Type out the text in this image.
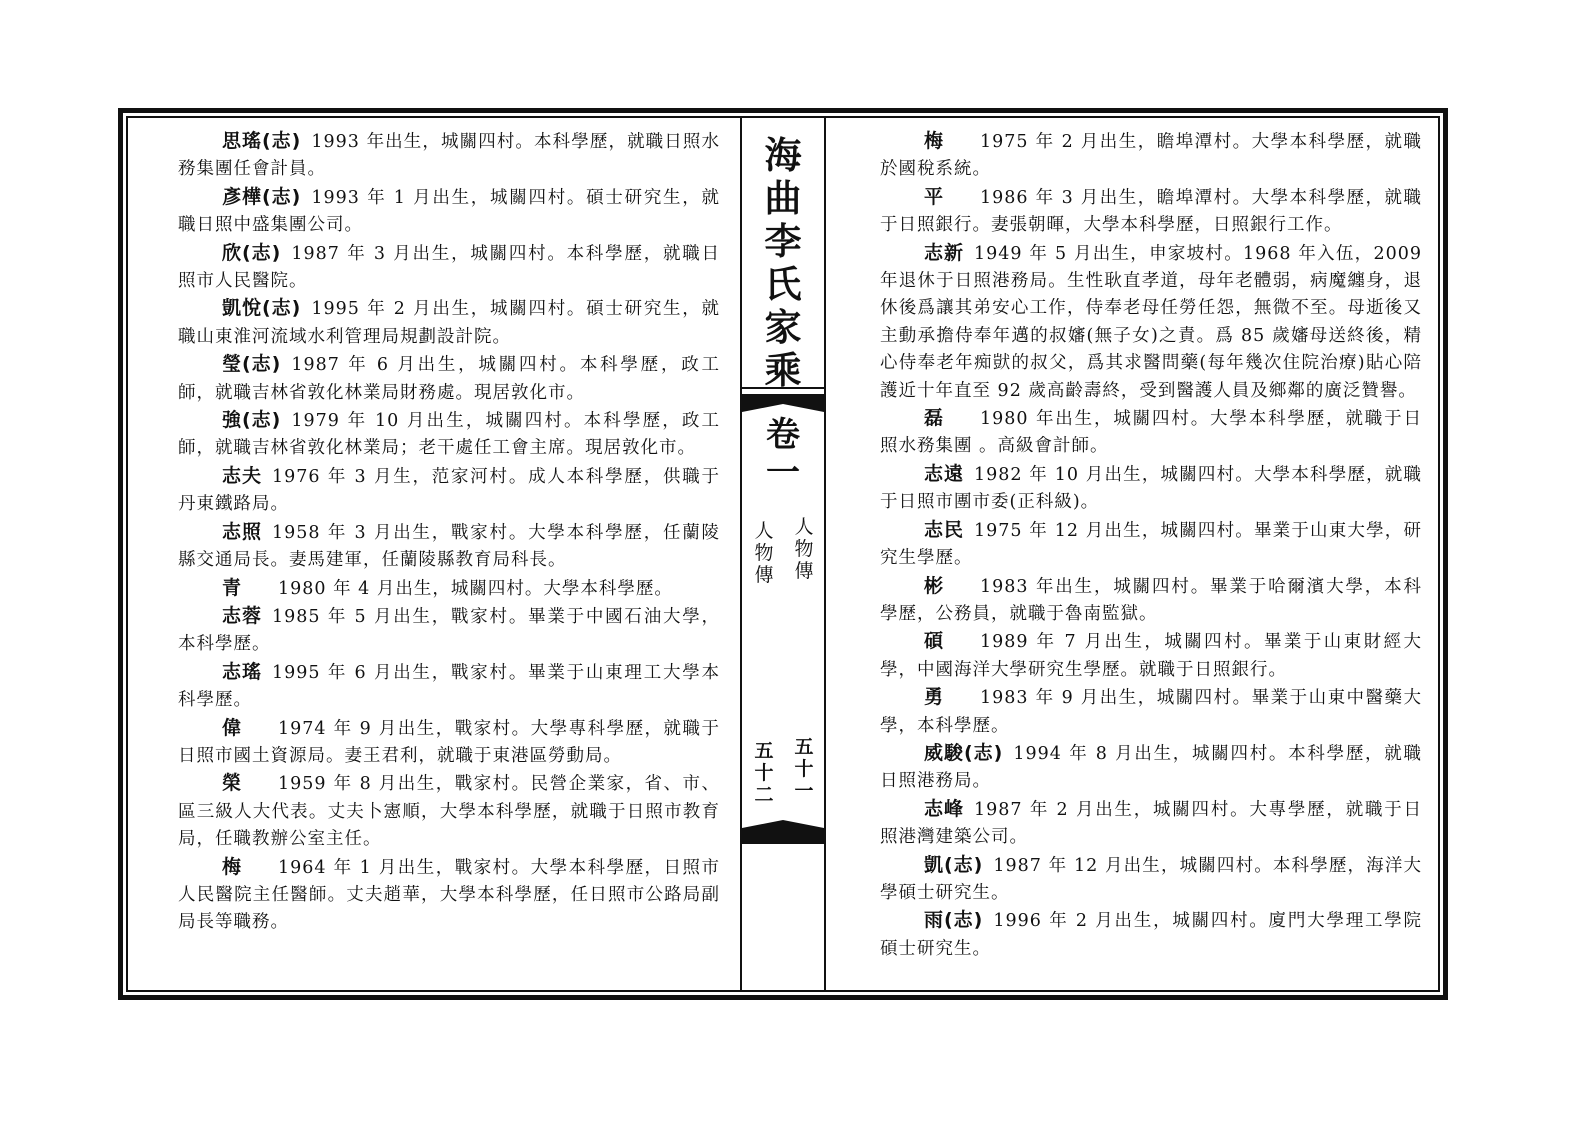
思瑤(志) 1993 年出生，城關四村。本科學歷，就職日照水務集團任會計員。
彥樺(志) 1993 年 1 月出生，城關四村。碩士研究生，就職日照中盛集團公司。
欣(志) 1987 年 3 月出生，城關四村。本科學歷，就職日照市人民醫院。
凱悅(志) 1995 年 2 月出生，城關四村。碩士研究生，就職山東淮河流域水利管理局規劃設計院。
瑩(志) 1987 年 6 月出生，城關四村。本科學歷，政工師，就職吉林省敦化林業局財務處。現居敦化市。
強(志) 1979 年 10 月出生，城關四村。本科學歷，政工師，就職吉林省敦化林業局；老干處任工會主席。現居敦化市。
志夫 1976 年 3 月生，范家河村。成人本科學歷，供職于丹東鐵路局。
志照 1958 年 3 月出生，戰家村。大學本科學歷，任蘭陵縣交通局長。妻馬建軍，任蘭陵縣教育局科長。
青 1980 年 4 月出生，城關四村。大學本科學歷。
志蓉 1985 年 5 月出生，戰家村。畢業于中國石油大學，本科學歷。
志瑤 1995 年 6 月出生，戰家村。畢業于山東理工大學本科學歷。
偉 1974 年 9 月出生，戰家村。大學專科學歷，就職于日照市國土資源局。妻王君利，就職于東港區勞動局。
榮 1959 年 8 月出生，戰家村。民營企業家，省、市、區三級人大代表。丈夫卜憲順，大學本科學歷，就職于日照市教育局，任職教辦公室主任。
梅 1964 年 1 月出生，戰家村。大學本科學歷，日照市人民醫院主任醫師。丈夫趙華，大學本科學歷，任日照市公路局副局長等職務。
海
曲
李
氏
家
乘
卷
一
人
物
傳
人
物
傳
五
十
一
五
十
二
梅 1975 年 2 月出生，瞻埠潭村。大學本科學歷，就職於國稅系統。
平 1986 年 3 月出生，瞻埠潭村。大學本科學歷，就職于日照銀行。妻張朝暉，大學本科學歷，日照銀行工作。
志新 1949 年 5 月出生，申家坡村。1968 年入伍，2009 年退休于日照港務局。生性耿直孝道，母年老體弱，病魔纏身，退休後爲讓其弟安心工作，侍奉老母任勞任怨，無微不至。母逝後又主動承擔侍奉年邁的叔嬸(無子女)之責。爲 85 歲嬸母送終後，精心侍奉老年痴獃的叔父，爲其求醫問藥(每年幾次住院治療)貼心陪護近十年直至 92 歲高齡壽終，受到醫護人員及鄉鄰的廣泛贊譽。
磊 1980 年出生，城關四村。大學本科學歷，就職于日照水務集團 。高級會計師。
志遠 1982 年 10 月出生，城關四村。大學本科學歷，就職于日照市團市委(正科級)。
志民 1975 年 12 月出生，城關四村。畢業于山東大學，研究生學歷。
彬 1983 年出生，城關四村。畢業于哈爾濱大學，本科學歷，公務員，就職于魯南監獄。
碩 1989 年 7 月出生，城關四村。畢業于山東財經大學，中國海洋大學研究生學歷。就職于日照銀行。
勇 1983 年 9 月出生，城關四村。畢業于山東中醫藥大學，本科學歷。
威駿(志) 1994 年 8 月出生，城關四村。本科學歷，就職日照港務局。
志峰 1987 年 2 月出生，城關四村。大專學歷，就職于日照港灣建築公司。
凱(志) 1987 年 12 月出生，城關四村。本科學歷，海洋大學碩士研究生。
雨(志) 1996 年 2 月出生，城關四村。廈門大學理工學院碩士研究生。
